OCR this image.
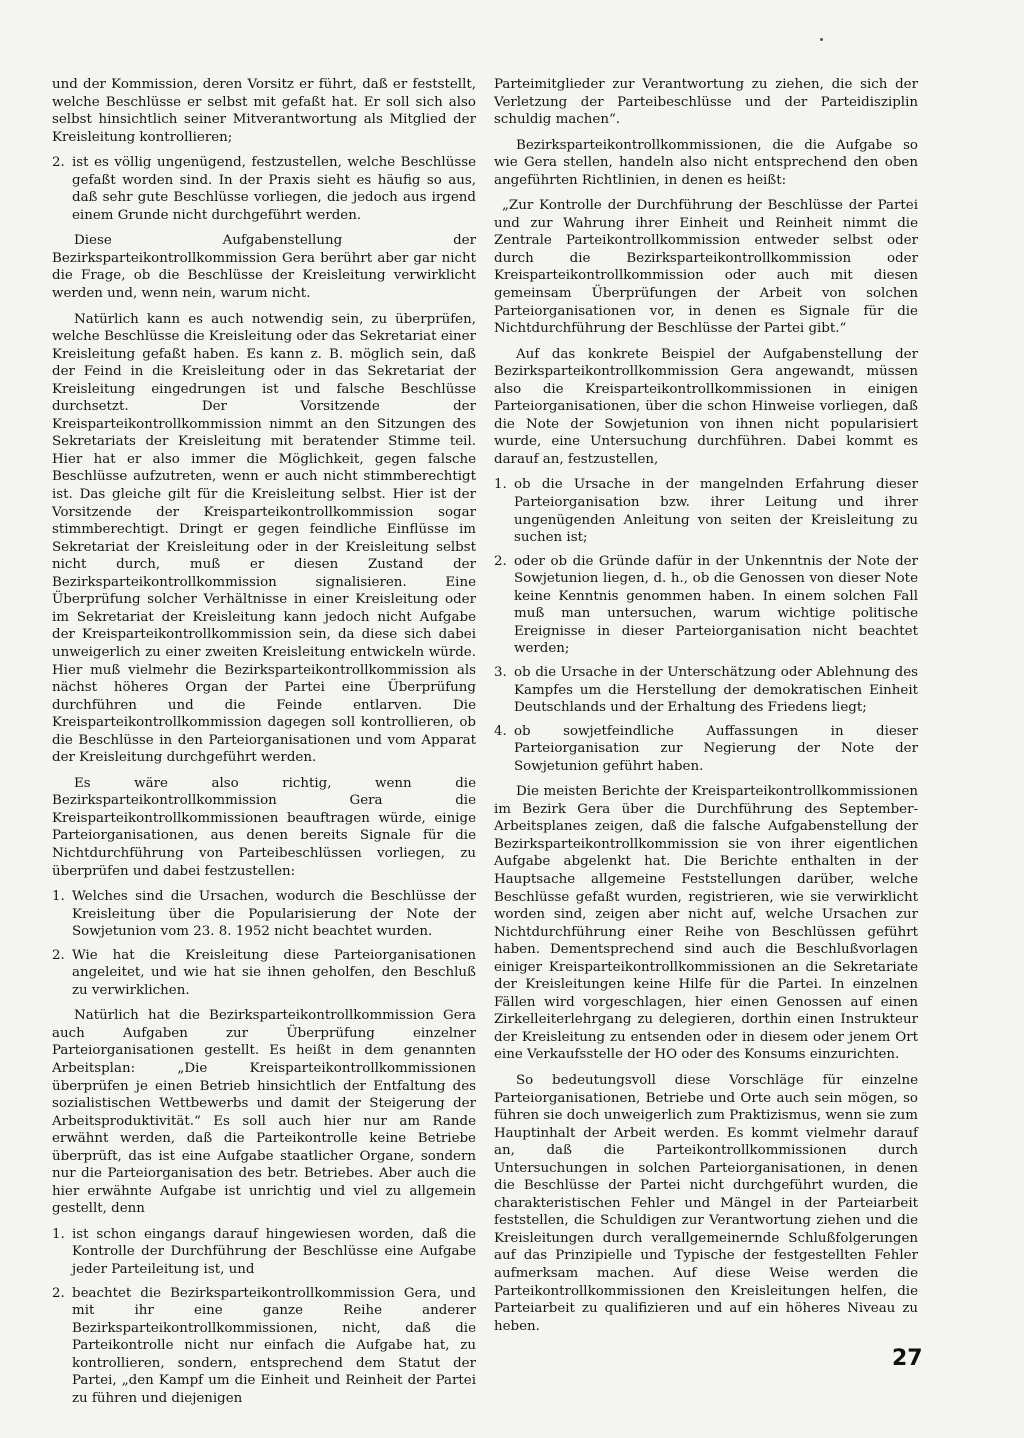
und der Kommission, deren Vorsitz er führt, daß er feststellt, welche Beschlüsse er selbst mit gefaßt hat. Er soll sich also selbst hinsichtlich seiner Mitverantwortung als Mitglied der Kreisleitung kontrollieren;

2. ist es völlig ungenügend, festzustellen, welche Beschlüsse gefaßt worden sind. In der Praxis sieht es häufig so aus, daß sehr gute Beschlüsse vorliegen, die jedoch aus irgend einem Grunde nicht durchgeführt werden.

Diese Aufgabenstellung der Bezirksparteikontrollkommission Gera berührt aber gar nicht die Frage, ob die Beschlüsse der Kreisleitung verwirklicht werden und, wenn nein, warum nicht.

Natürlich kann es auch notwendig sein, zu überprüfen, welche Beschlüsse die Kreisleitung oder das Sekretariat einer Kreisleitung gefaßt haben. Es kann z. B. möglich sein, daß der Feind in die Kreisleitung oder in das Sekretariat der Kreisleitung eingedrungen ist und falsche Beschlüsse durchsetzt. Der Vorsitzende der Kreisparteikontrollkommission nimmt an den Sitzungen des Sekretariats der Kreisleitung mit beratender Stimme teil. Hier hat er also immer die Möglichkeit, gegen falsche Beschlüsse aufzutreten, wenn er auch nicht stimmberechtigt ist. Das gleiche gilt für die Kreisleitung selbst. Hier ist der Vorsitzende der Kreisparteikontrollkommission sogar stimmberechtigt. Dringt er gegen feindliche Einflüsse im Sekretariat der Kreisleitung oder in der Kreisleitung selbst nicht durch, muß er diesen Zustand der Bezirksparteikontrollkommission signalisieren. Eine Überprüfung solcher Verhältnisse in einer Kreisleitung oder im Sekretariat der Kreisleitung kann jedoch nicht Aufgabe der Kreisparteikontrollkommission sein, da diese sich dabei unweigerlich zu einer zweiten Kreisleitung entwickeln würde. Hier muß vielmehr die Bezirksparteikontrollkommission als nächst höheres Organ der Partei eine Überprüfung durchführen und die Feinde entlarven. Die Kreisparteikontrollkommission dagegen soll kontrollieren, ob die Beschlüsse in den Parteiorganisationen und vom Apparat der Kreisleitung durchgeführt werden.

Es wäre also richtig, wenn die Bezirksparteikontrollkommission Gera die Kreisparteikontrollkommissionen beauftragen würde, einige Parteiorganisationen, aus denen bereits Signale für die Nichtdurchführung von Parteibeschlüssen vorliegen, zu überprüfen und dabei festzustellen:

1. Welches sind die Ursachen, wodurch die Beschlüsse der Kreisleitung über die Popularisierung der Note der Sowjetunion vom 23. 8. 1952 nicht beachtet wurden.
2. Wie hat die Kreisleitung diese Parteiorganisationen angeleitet, und wie hat sie ihnen geholfen, den Beschluß zu verwirklichen.

Natürlich hat die Bezirksparteikontrollkommission Gera auch Aufgaben zur Überprüfung einzelner Parteiorganisationen gestellt. Es heißt in dem genannten Arbeitsplan: „Die Kreisparteikontrollkommissionen überprüfen je einen Betrieb hinsichtlich der Entfaltung des sozialistischen Wettbewerbs und damit der Steigerung der Arbeitsproduktivität.“ Es soll auch hier nur am Rande erwähnt werden, daß die Parteikontrolle keine Betriebe überprüft, das ist eine Aufgabe staatlicher Organe, sondern nur die Parteiorganisation des betr. Betriebes. Aber auch die hier erwähnte Aufgabe ist unrichtig und viel zu allgemein gestellt, denn

1. ist schon eingangs darauf hingewiesen worden, daß die Kontrolle der Durchführung der Beschlüsse eine Aufgabe jeder Parteileitung ist, und
2. beachtet die Bezirksparteikontrollkommission Gera, und mit ihr eine ganze Reihe anderer Bezirksparteikontrollkommissionen, nicht, daß die Parteikontrolle nicht nur einfach die Aufgabe hat, zu kontrollieren, sondern, entsprechend dem Statut der Partei, „den Kampf um die Einheit und Reinheit der Partei zu führen und diejenigen

Parteimitglieder zur Verantwortung zu ziehen, die sich der Verletzung der Parteibeschlüsse und der Parteidisziplin schuldig machen“.

Bezirksparteikontrollkommissionen, die die Aufgabe so wie Gera stellen, handeln also nicht entsprechend den oben angeführten Richtlinien, in denen es heißt:

„Zur Kontrolle der Durchführung der Beschlüsse der Partei und zur Wahrung ihrer Einheit und Reinheit nimmt die Zentrale Parteikontrollkommission entweder selbst oder durch die Bezirksparteikontrollkommission oder Kreisparteikontrollkommission oder auch mit diesen gemeinsam Überprüfungen der Arbeit von solchen Parteiorganisationen vor, in denen es Signale für die Nichtdurchführung der Beschlüsse der Partei gibt.“

Auf das konkrete Beispiel der Aufgabenstellung der Bezirksparteikontrollkommission Gera angewandt, müssen also die Kreisparteikontrollkommissionen in einigen Parteiorganisationen, über die schon Hinweise vorliegen, daß die Note der Sowjetunion von ihnen nicht popularisiert wurde, eine Untersuchung durchführen. Dabei kommt es darauf an, festzustellen,

1. ob die Ursache in der mangelnden Erfahrung dieser Parteiorganisation bzw. ihrer Leitung und ihrer ungenügenden Anleitung von seiten der Kreisleitung zu suchen ist;
2. oder ob die Gründe dafür in der Unkenntnis der Note der Sowjetunion liegen, d. h., ob die Genossen von dieser Note keine Kenntnis genommen haben. In einem solchen Fall muß man untersuchen, warum wichtige politische Ereignisse in dieser Parteiorganisation nicht beachtet werden;
3. ob die Ursache in der Unterschätzung oder Ablehnung des Kampfes um die Herstellung der demokratischen Einheit Deutschlands und der Erhaltung des Friedens liegt;
4. ob sowjetfeindliche Auffassungen in dieser Parteiorganisation zur Negierung der Note der Sowjetunion geführt haben.

Die meisten Berichte der Kreisparteikontrollkommissionen im Bezirk Gera über die Durchführung des September-Arbeitsplanes zeigen, daß die falsche Aufgabenstellung der Bezirksparteikontrollkommission sie von ihrer eigentlichen Aufgabe abgelenkt hat. Die Berichte enthalten in der Hauptsache allgemeine Feststellungen darüber, welche Beschlüsse gefaßt wurden, registrieren, wie sie verwirklicht worden sind, zeigen aber nicht auf, welche Ursachen zur Nichtdurchführung einer Reihe von Beschlüssen geführt haben. Dementsprechend sind auch die Beschlußvorlagen einiger Kreisparteikontrollkommissionen an die Sekretariate der Kreisleitungen keine Hilfe für die Partei. In einzelnen Fällen wird vorgeschlagen, hier einen Genossen auf einen Zirkelleiterlehrgang zu delegieren, dorthin einen Instrukteur der Kreisleitung zu entsenden oder in diesem oder jenem Ort eine Verkaufsstelle der HO oder des Konsums einzurichten.

So bedeutungsvoll diese Vorschläge für einzelne Parteiorganisationen, Betriebe und Orte auch sein mögen, so führen sie doch unweigerlich zum Praktizismus, wenn sie zum Hauptinhalt der Arbeit werden. Es kommt vielmehr darauf an, daß die Parteikontrollkommissionen durch Untersuchungen in solchen Parteiorganisationen, in denen die Beschlüsse der Partei nicht durchgeführt wurden, die charakteristischen Fehler und Mängel in der Parteiarbeit feststellen, die Schuldigen zur Verantwortung ziehen und die Kreisleitungen durch verallgemeinernde Schlußfolgerungen auf das Prinzipielle und Typische der festgestellten Fehler aufmerksam machen. Auf diese Weise werden die Parteikontrollkommissionen den Kreisleitungen helfen, die Parteiarbeit zu qualifizieren und auf ein höheres Niveau zu heben.

27
